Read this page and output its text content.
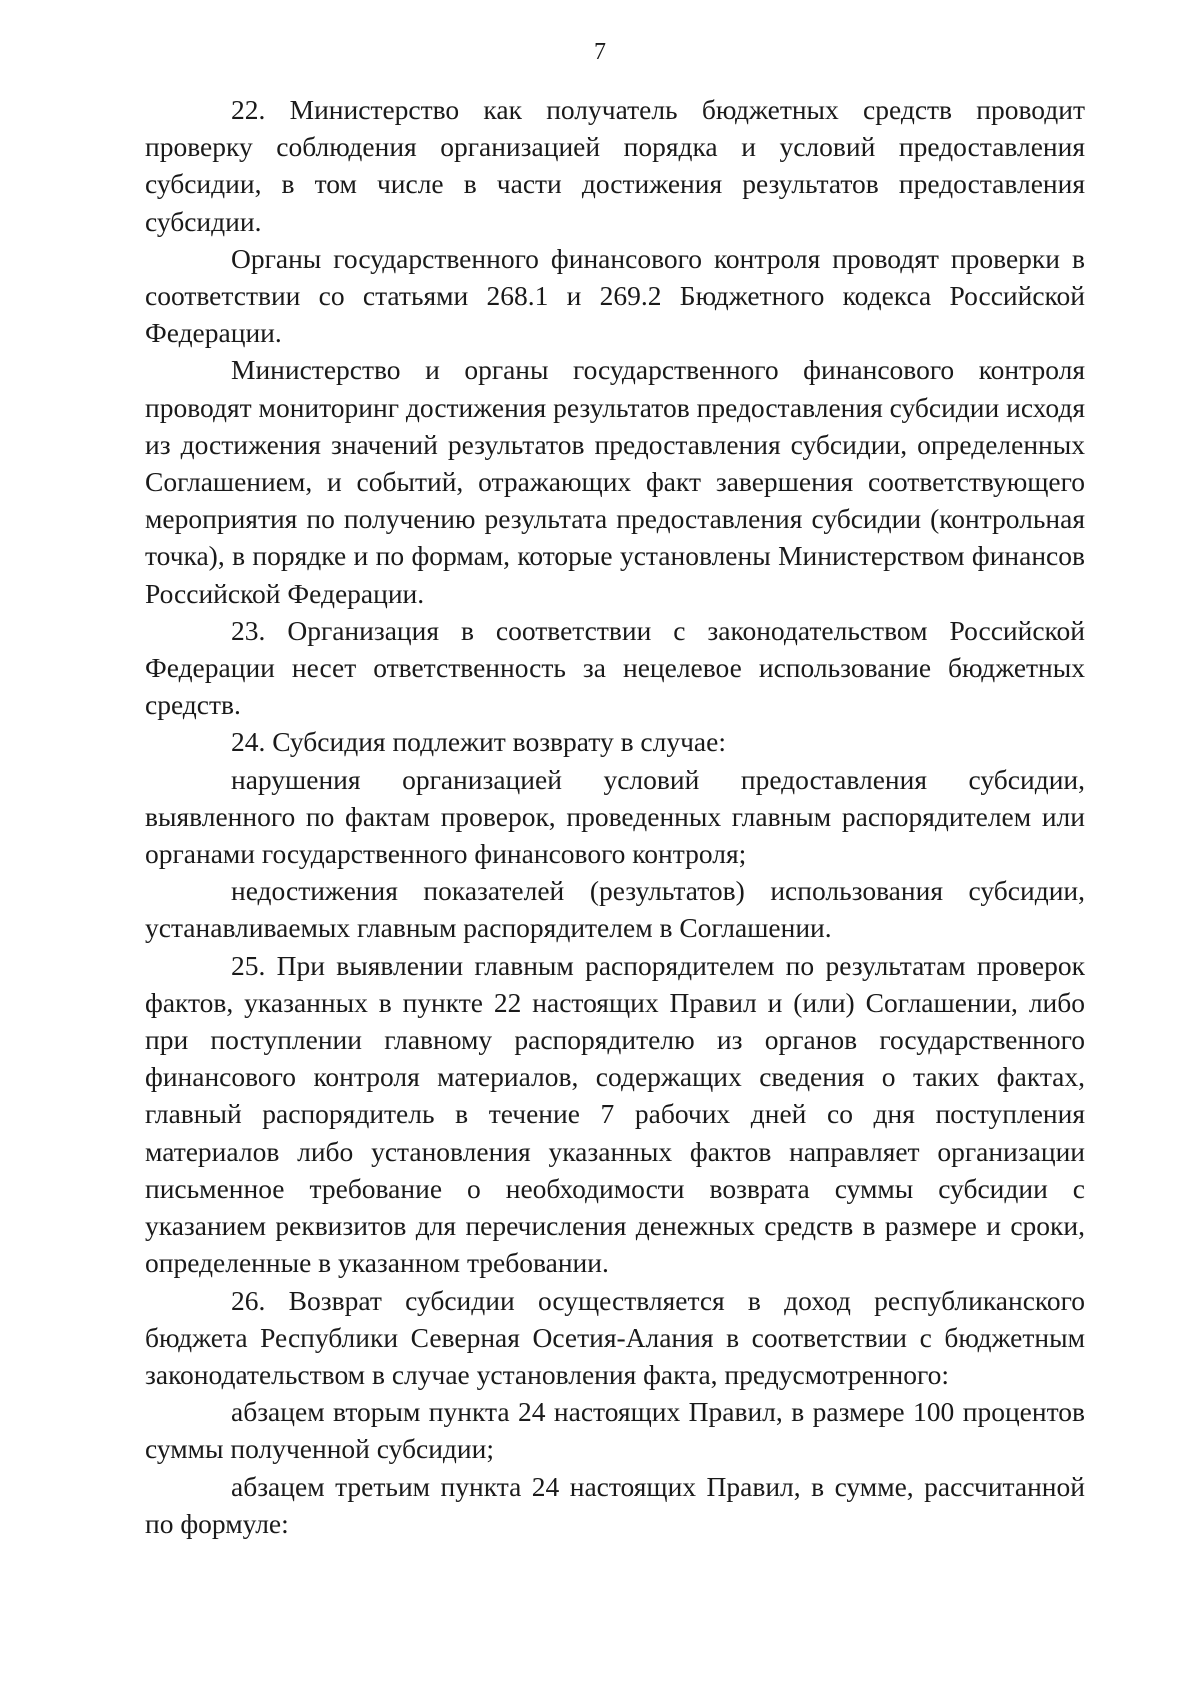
7

22. Министерство как получатель бюджетных средств проводит проверку соблюдения организацией порядка и условий предоставления субсидии, в том числе в части достижения результатов предоставления субсидии.

Органы государственного финансового контроля проводят проверки в соответствии со статьями 268.1 и 269.2 Бюджетного кодекса Российской Федерации.

Министерство и органы государственного финансового контроля проводят мониторинг достижения результатов предоставления субсидии исходя из достижения значений результатов предоставления субсидии, определенных Соглашением, и событий, отражающих факт завершения соответствующего мероприятия по получению результата предоставления субсидии (контрольная точка), в порядке и по формам, которые установлены Министерством финансов Российской Федерации.

23. Организация в соответствии с законодательством Российской Федерации несет ответственность за нецелевое использование бюджетных средств.

24. Субсидия подлежит возврату в случае:

нарушения организацией условий предоставления субсидии, выявленного по фактам проверок, проведенных главным распорядителем или органами государственного финансового контроля;

недостижения показателей (результатов) использования субсидии, устанавливаемых главным распорядителем в Соглашении.

25. При выявлении главным распорядителем по результатам проверок фактов, указанных в пункте 22 настоящих Правил и (или) Соглашении, либо при поступлении главному распорядителю из органов государственного финансового контроля материалов, содержащих сведения о таких фактах, главный распорядитель в течение 7 рабочих дней со дня поступления материалов либо установления указанных фактов направляет организации письменное требование о необходимости возврата суммы субсидии с указанием реквизитов для перечисления денежных средств в размере и сроки, определенные в указанном требовании.

26. Возврат субсидии осуществляется в доход республиканского бюджета Республики Северная Осетия-Алания в соответствии с бюджетным законодательством в случае установления факта, предусмотренного:

абзацем вторым пункта 24 настоящих Правил, в размере 100 процентов суммы полученной субсидии;

абзацем третьим пункта 24 настоящих Правил, в сумме, рассчитанной по формуле:
